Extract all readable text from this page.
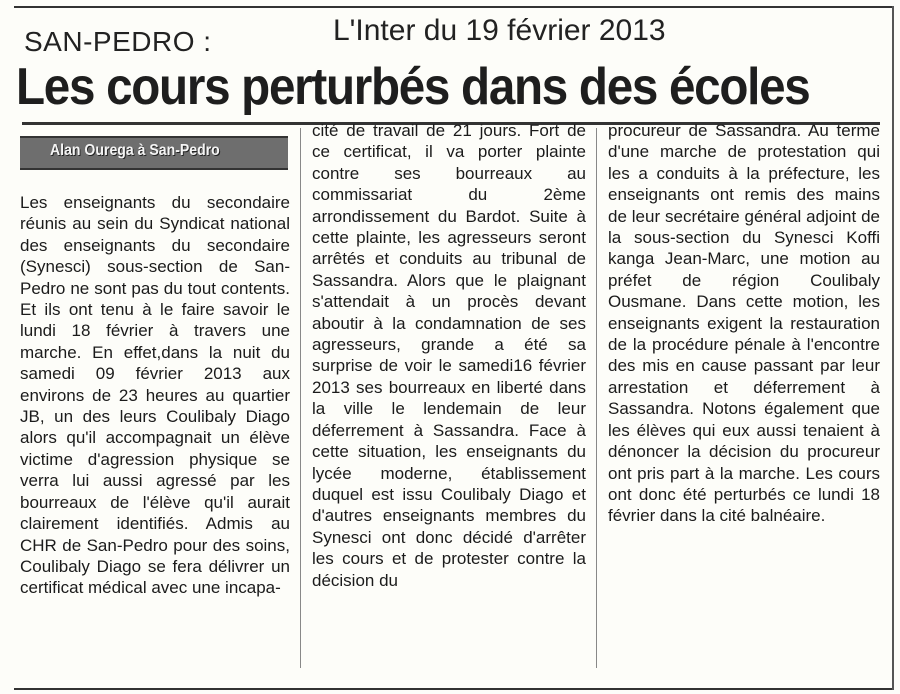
SAN-PEDRO :	L'Inter du 19 février 2013
Les cours perturbés dans des écoles
Alan Ourega à San-Pedro

Les enseignants du secondaire réunis au sein du Syndicat national des enseignants du secondaire (Synesci) sous-section de San-Pedro ne sont pas du tout contents. Et ils ont tenu à le faire savoir le lundi 18 février à travers une marche. En effet,dans la nuit du samedi 09 février 2013 aux environs de 23 heures au quartier JB, un des leurs Coulibaly Diago alors qu'il accompagnait un élève victime d'agression physique se verra lui aussi agressé par les bourreaux de l'élève qu'il aurait clairement identifiés. Admis au CHR de San-Pedro pour des soins, Coulibaly Diago se fera délivrer un certificat médical avec une incapa-

cité de travail de 21 jours. Fort de ce certificat, il va porter plainte contre ses bourreaux au commissariat du 2ème arrondissement du Bardot. Suite à cette plainte, les agresseurs seront arrêtés et conduits au tribunal de Sassandra. Alors que le plaignant s'attendait à un procès devant aboutir à la condamnation de ses agresseurs, grande a été sa surprise de voir le samedi16 février 2013 ses bourreaux en liberté dans la ville le lendemain de leur déferrement à Sassandra. Face à cette situation, les enseignants du lycée moderne, établissement duquel est issu Coulibaly Diago et d'autres enseignants membres du Synesci ont donc décidé d'arrêter les cours et de protester contre la décision du

procureur de Sassandra. Au terme d'une marche de protestation qui les a conduits à la préfecture, les enseignants ont remis des mains de leur secrétaire général adjoint de la sous-section du Synesci Koffi kanga Jean-Marc, une motion au préfet de région Coulibaly Ousmane. Dans cette motion, les enseignants exigent la restauration de la procédure pénale à l'encontre des mis en cause passant par leur arrestation et déferrement à Sassandra. Notons également que les élèves qui eux aussi tenaient à dénoncer la décision du procureur ont pris part à la marche. Les cours ont donc été perturbés ce lundi 18 février dans la cité balnéaire.
